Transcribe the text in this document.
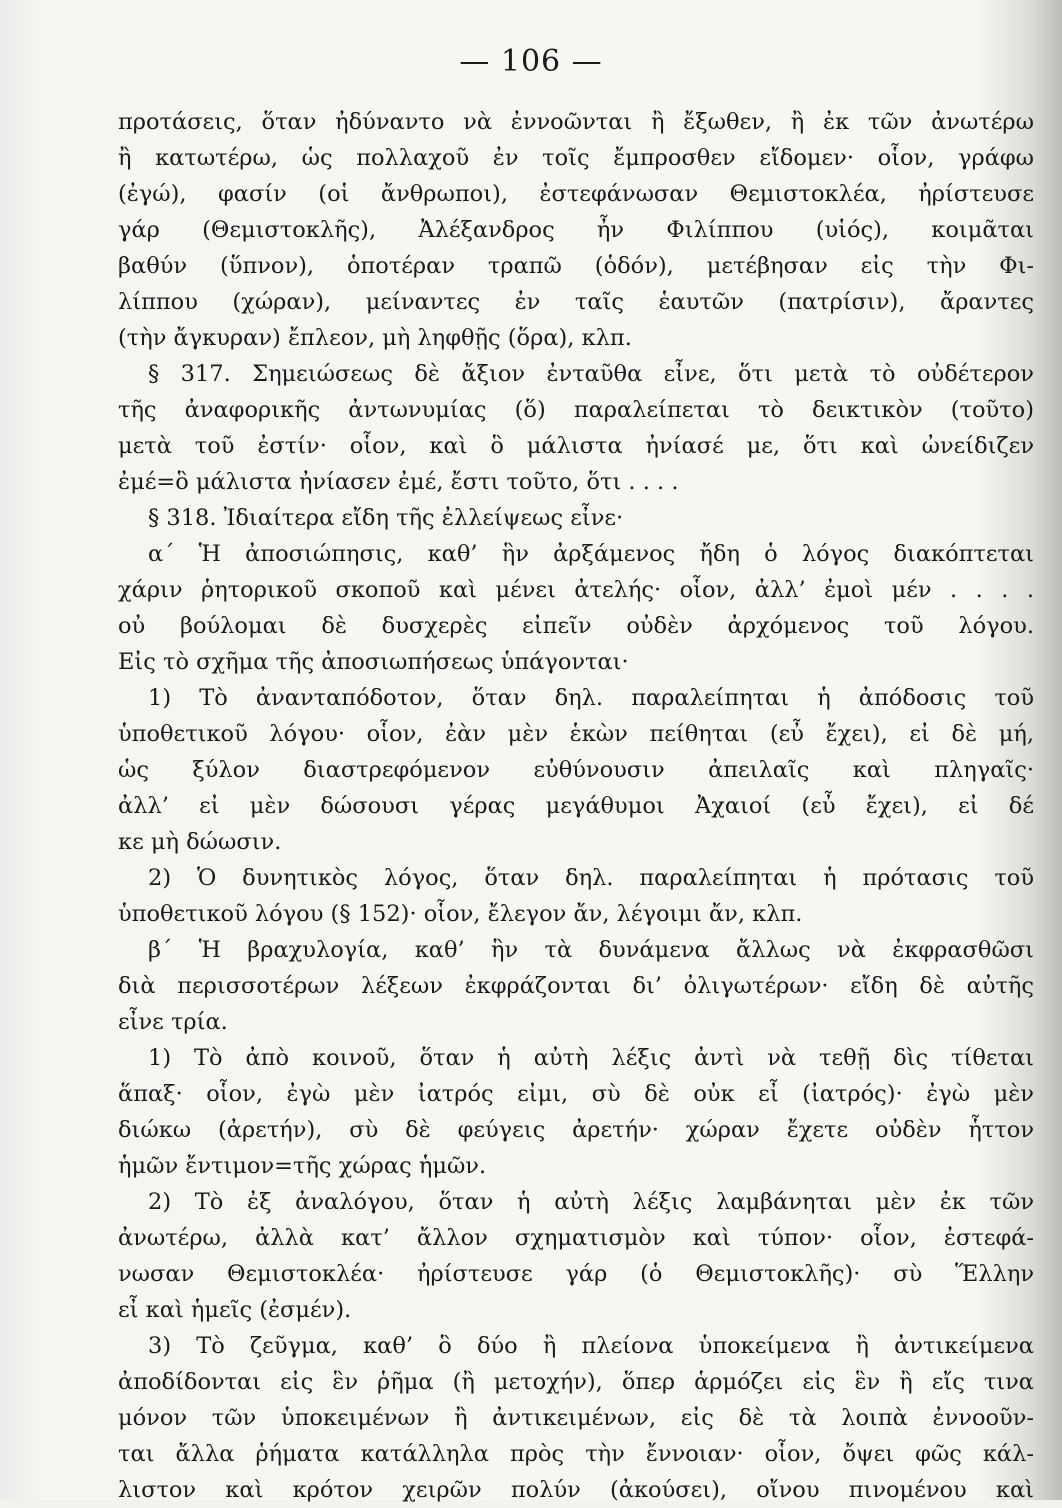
— 106 —
προτάσεις, ὅταν ἠδύναντο νὰ ἐννοῶνται ἢ ἔξωθεν, ἢ ἐκ τῶν ἀνωτέρω
ἢ κατωτέρω, ὡς πολλαχοῦ ἐν τοῖς ἔμπροσθεν εἴδομεν· οἷον, γράφω
(ἐγώ), φασίν (οἱ ἄνθρωποι), ἐστεφάνωσαν Θεμιστοκλέα, ἠρίστευσε
γάρ (Θεμιστοκλῆς), Ἀλέξανδρος ἦν Φιλίππου (υἱός), κοιμᾶται
βαθύν (ὕπνον), ὁποτέραν τραπῶ (ὁδόν), μετέβησαν εἰς τὴν Φι-
λίππου (χώραν), μείναντες ἐν ταῖς ἑαυτῶν (πατρίσιν), ἄραντες
(τὴν ἄγκυραν) ἔπλεον, μὴ ληφθῇς (ὅρα), κλπ.
§ 317. Σημειώσεως δὲ ἄξιον ἐνταῦθα εἶνε, ὅτι μετὰ τὸ οὐδέτερον
τῆς ἀναφορικῆς ἀντωνυμίας (ὅ) παραλείπεται τὸ δεικτικὸν (τοῦτο)
μετὰ τοῦ ἐστίν· οἷον, καὶ ὃ μάλιστα ἠνίασέ με, ὅτι καὶ ὠνείδιζεν
ἐμέ=ὃ μάλιστα ἠνίασεν ἐμέ, ἔστι τοῦτο, ὅτι . . . .
§ 318. Ἰδιαίτερα εἴδη τῆς ἐλλείψεως εἶνε·
α΄ Ἡ ἀποσιώπησις, καθ’ ἣν ἀρξάμενος ἤδη ὁ λόγος διακόπτεται
χάριν ῥητορικοῦ σκοποῦ καὶ μένει ἀτελής· οἷον, ἀλλ’ ἐμοὶ μέν . . . .
οὐ βούλομαι δὲ δυσχερὲς εἰπεῖν οὐδὲν ἀρχόμενος τοῦ λόγου.
Εἰς τὸ σχῆμα τῆς ἀποσιωπήσεως ὑπάγονται·
1) Τὸ ἀνανταπόδοτον, ὅταν δηλ. παραλείπηται ἡ ἀπόδοσις τοῦ
ὑποθετικοῦ λόγου· οἷον, ἐὰν μὲν ἑκὼν πείθηται (εὖ ἔχει), εἰ δὲ μή,
ὡς ξύλον διαστρεφόμενον εὐθύνουσιν ἀπειλαῖς καὶ πληγαῖς·
ἀλλ’ εἰ μὲν δώσουσι γέρας μεγάθυμοι Ἀχαιοί (εὖ ἔχει), εἰ δέ
κε μὴ δώωσιν.
2) Ὁ δυνητικὸς λόγος, ὅταν δηλ. παραλείπηται ἡ πρότασις τοῦ
ὑποθετικοῦ λόγου (§ 152)· οἷον, ἔλεγον ἄν, λέγοιμι ἄν, κλπ.
β΄ Ἡ βραχυλογία, καθ’ ἣν τὰ δυνάμενα ἄλλως νὰ ἐκφρασθῶσι
διὰ περισσοτέρων λέξεων ἐκφράζονται δι’ ὀλιγωτέρων· εἴδη δὲ αὐτῆς
εἶνε τρία.
1) Τὸ ἀπὸ κοινοῦ, ὅταν ἡ αὐτὴ λέξις ἀντὶ νὰ τεθῇ δὶς τίθεται
ἅπαξ· οἷον, ἐγὼ μὲν ἰατρός εἰμι, σὺ δὲ οὐκ εἶ (ἰατρός)· ἐγὼ μὲν
διώκω (ἀρετήν), σὺ δὲ φεύγεις ἀρετήν· χώραν ἔχετε οὐδὲν ἧττον
ἡμῶν ἔντιμον=τῆς χώρας ἡμῶν.
2) Τὸ ἐξ ἀναλόγου, ὅταν ἡ αὐτὴ λέξις λαμβάνηται μὲν ἐκ τῶν
ἀνωτέρω, ἀλλὰ κατ’ ἄλλον σχηματισμὸν καὶ τύπον· οἷον, ἐστεφά-
νωσαν Θεμιστοκλέα· ἠρίστευσε γάρ (ὁ Θεμιστοκλῆς)· σὺ Ἕλλην
εἶ καὶ ἡμεῖς (ἐσμέν).
3) Τὸ ζεῦγμα, καθ’ ὃ δύο ἢ πλείονα ὑποκείμενα ἢ ἀντικείμενα
ἀποδίδονται εἰς ἓν ῥῆμα (ἢ μετοχήν), ὅπερ ἁρμόζει εἰς ἓν ἢ εἴς τινα
μόνον τῶν ὑποκειμένων ἢ ἀντικειμένων, εἰς δὲ τὰ λοιπὰ ἐννοοῦν-
ται ἄλλα ῥήματα κατάλληλα πρὸς τὴν ἔννοιαν· οἷον, ὄψει φῶς κάλ-
λιστον καὶ κρότον χειρῶν πολύν (ἀκούσει), οἴνου πινομένου καὶ
